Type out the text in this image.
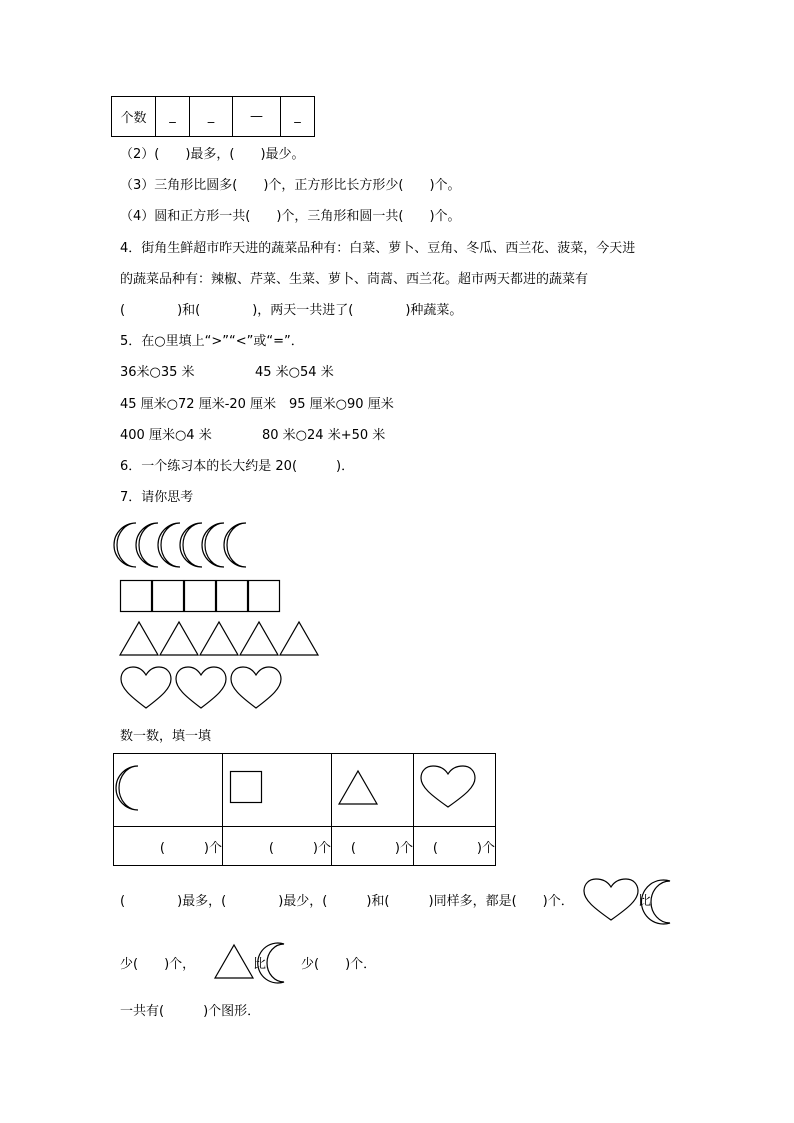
个数	_	_	—	_
（2）(　　)最多，(　　)最少。
（3）三角形比圆多(　　)个，正方形比长方形少(　　)个。
（4）圆和正方形一共(　　)个，三角形和圆一共(　　)个。
4．街角生鲜超市昨天进的蔬菜品种有：白菜、萝卜、豆角、冬瓜、西兰花、菠菜，今天进
的蔬菜品种有：辣椒、芹菜、生菜、萝卜、茼蒿、西兰花。超市两天都进的蔬菜有
(　　　　)和(　　　　)，两天一共进了(　　　　)种蔬菜。
5．在○里填上“>”“<”或“=”．
36米○35 米	45 米○54 米
45 厘米○72 厘米-20 厘米 95 厘米○90 厘米
400 厘米○4 米	80 米○24 米+50 米
6．一个练习本的长大约是 20(　　　)．
7．请你思考
数一数，填一填

(　　　)个	(　　　)个	(　　　)个	(　　　)个
(　　　　)最多，(　　　　)最少，(　　　)和(　　　)同样多，都是(　　)个．	比
少(　　)个，	比	少(　　)个．
一共有(　　　)个图形．
